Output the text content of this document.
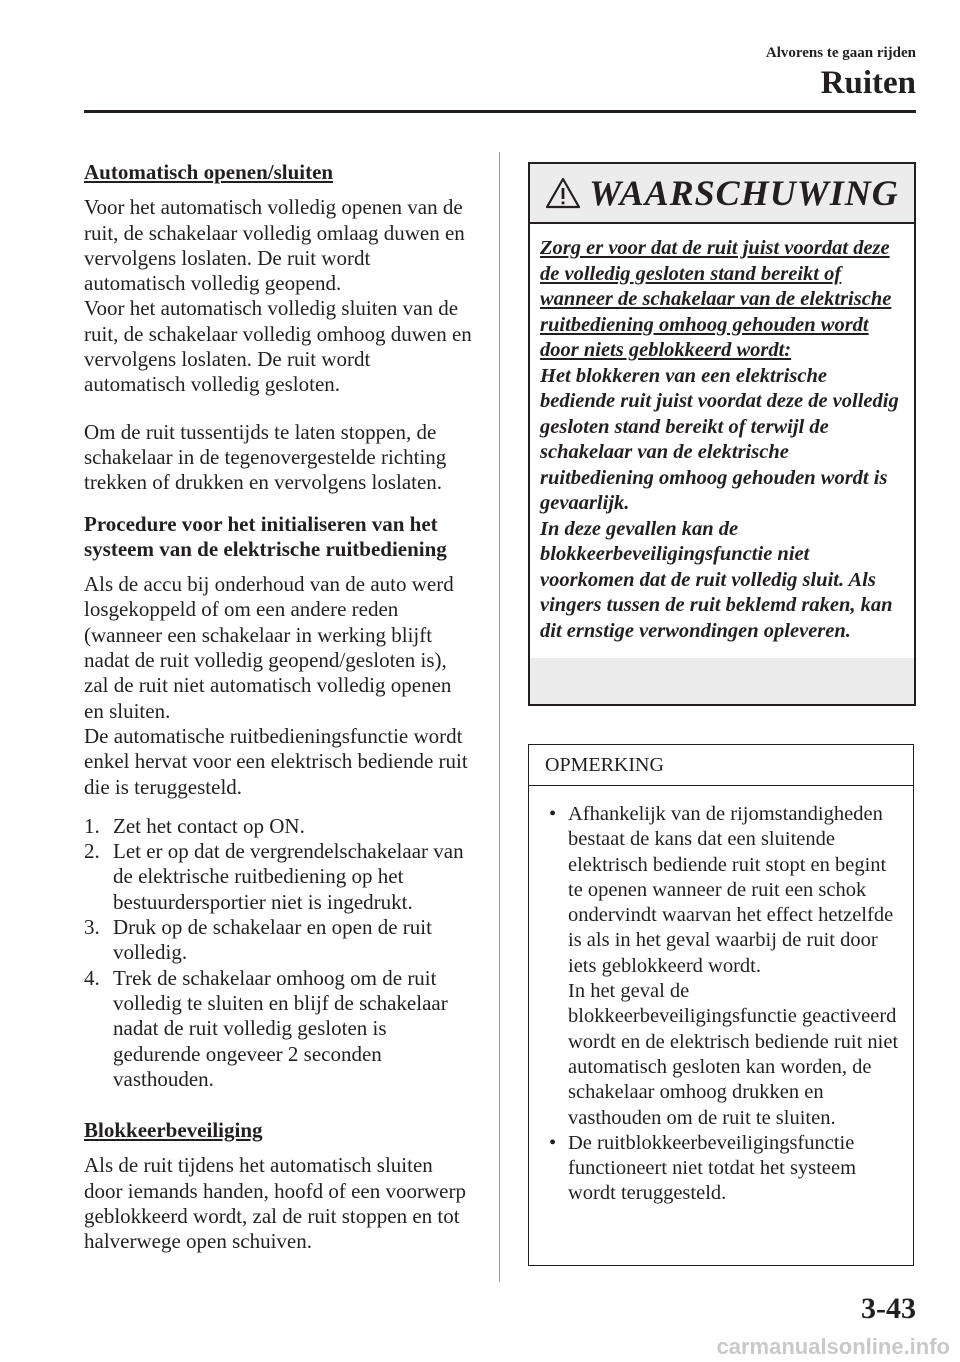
Alvorens te gaan rijden
Ruiten
Automatisch openen/sluiten

Voor het automatisch volledig openen van de ruit, de schakelaar volledig omlaag duwen en vervolgens loslaten. De ruit wordt automatisch volledig geopend.

Voor het automatisch volledig sluiten van de ruit, de schakelaar volledig omhoog duwen en vervolgens loslaten. De ruit wordt automatisch volledig gesloten.

Om de ruit tussentijds te laten stoppen, de schakelaar in de tegenovergestelde richting trekken of drukken en vervolgens loslaten.

Procedure voor het initialiseren van het systeem van de elektrische ruitbediening

Als de accu bij onderhoud van de auto werd losgekoppeld of om een andere reden (wanneer een schakelaar in werking blijft nadat de ruit volledig geopend/gesloten is), zal de ruit niet automatisch volledig openen en sluiten.

De automatische ruitbedieningsfunctie wordt enkel hervat voor een elektrisch bediende ruit die is teruggesteld.

1. Zet het contact op ON.
2. Let er op dat de vergrendelschakelaar van de elektrische ruitbediening op het bestuurdersportier niet is ingedrukt.
3. Druk op de schakelaar en open de ruit volledig.
4. Trek de schakelaar omhoog om de ruit volledig te sluiten en blijf de schakelaar nadat de ruit volledig gesloten is gedurende ongeveer 2 seconden vasthouden.
Blokkeerbeveiliging

Als de ruit tijdens het automatisch sluiten door iemands handen, hoofd of een voorwerp geblokkeerd wordt, zal de ruit stoppen en tot halverwege open schuiven.

WAARSCHUWING
Zorg er voor dat de ruit juist voordat deze de volledig gesloten stand bereikt of wanneer de schakelaar van de elektrische ruitbediening omhoog gehouden wordt door niets geblokkeerd wordt:
Het blokkeren van een elektrische bediende ruit juist voordat deze de volledig gesloten stand bereikt of terwijl de schakelaar van de elektrische ruitbediening omhoog gehouden wordt is gevaarlijk.
In deze gevallen kan de blokkeerbeveiligingsfunctie niet voorkomen dat de ruit volledig sluit. Als vingers tussen de ruit beklemd raken, kan dit ernstige verwondingen opleveren.
OPMERKING
• Afhankelijk van de rijomstandigheden bestaat de kans dat een sluitende elektrisch bediende ruit stopt en begint te openen wanneer de ruit een schok ondervindt waarvan het effect hetzelfde is als in het geval waarbij de ruit door iets geblokkeerd wordt.
In het geval de blokkeerbeveiligingsfunctie geactiveerd wordt en de elektrisch bediende ruit niet automatisch gesloten kan worden, de schakelaar omhoog drukken en vasthouden om de ruit te sluiten.
• De ruitblokkeerbeveiligingsfunctie functioneert niet totdat het systeem wordt teruggesteld.
3-43
carmanualsonline.info
